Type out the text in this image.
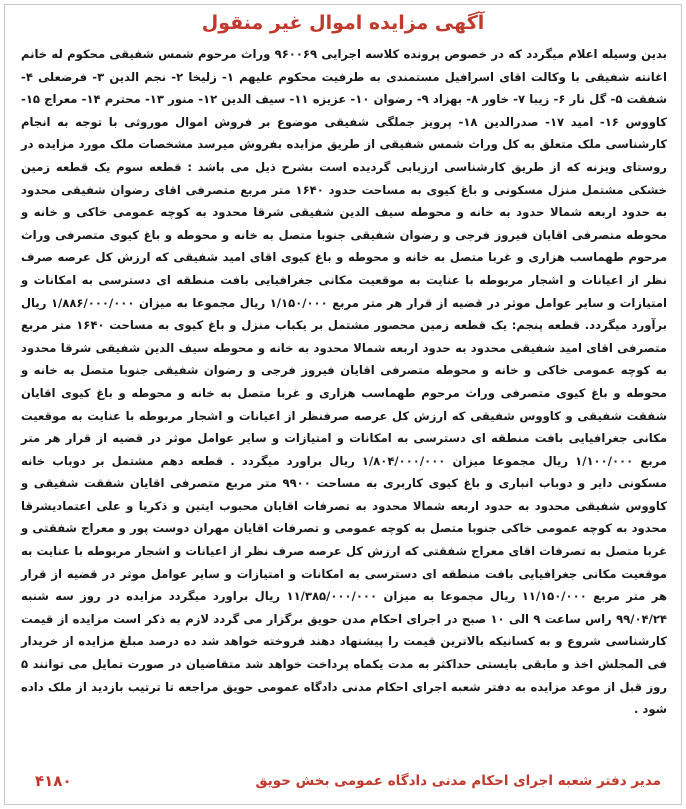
آگهی مزایده اموال غیر منقول
بدین وسیله اعلام میگردد که در خصوص پرونده کلاسه اجرایی ۹۶۰۰۶۹ وراث مرحوم شمس شفیقی محکوم له خانم اغانته شفیقی با وکالت اقای اسرافیل مستمندی به طرفیت محکوم علیهم ۱- زلیخا ۲- نجم الدین ۳- فرضعلی ۴- شفقت ۵- گل نار ۶- زیبا ۷- خاور ۸- بهزاد ۹- رضوان ۱۰- عزیزه ۱۱- سیف الدین ۱۲- منور ۱۳- محترم ۱۴- معراج ۱۵- کاووس ۱۶- امید ۱۷- صدرالدین ۱۸- پرویز جملگی شفیقی موضوع بر فروش اموال موروثی با توجه به انجام کارشناسی ملک متعلق به کل وراث شمس شفیقی از طریق مزایده بفروش میرسد مشخصات ملک مورد مزایده در روستای ویزنه که از طریق کارشناسی ارزیابی گردیده است بشرح ذیل می باشد : قطعه سوم یک قطعه زمین خشکی مشتمل منزل مسکونی و باغ کیوی به مساحت حدود ۱۶۴۰ متر مربع متصرفی اقای رضوان شفیقی محدود به حدود اربعه شمالا حدود به خانه و محوطه سیف الدین شفیقی شرقا محدود به کوچه عمومی خاکی و خانه و محوطه متصرفی اقایان فیروز فرجی و رضوان شفیقی جنوبا متصل به خانه و محوطه و باغ کیوی متصرفی وراث مرحوم طهماسب هزاری و غربا متصل به خانه و محوطه و باغ کیوی اقای امید شفیقی که ارزش کل عرصه صرف نظر از اعیانات و اشجار مربوطه با عنایت به موقعیت مکانی جغرافیایی بافت منطقه ای دسترسی به امکانات و امتیازات و سایر عوامل موثر در قضیه از قرار هر متر مربع ۱/۱۵۰/۰۰۰ ریال مجموعا به میزان ۱/۸۸۶/۰۰۰/۰۰۰ ریال برآورد میگردد. قطعه پنجم: یک قطعه زمین محصور مشتمل بر یکباب منزل و باغ کیوی به مساحت ۱۶۴۰ متر مربع متصرفی اقای امید شفیقی محدود به حدود اربعه شمالا محدود به خانه و محوطه سیف الدین شفیقی شرقا محدود به کوچه عمومی خاکی و خانه و محوطه متصرفی اقایان فیروز فرجی و رضوان شفیقی جنوبا متصل به خانه و محوطه و باغ کیوی متصرفی وراث مرحوم طهماسب هزاری و غربا متصل به خانه و محوطه و باغ کیوی اقایان شفقت شفیقی و کاووس شفیقی که ارزش کل عرصه صرفنظر از اعیانات و اشجار مربوطه با عنایت به موقعیت مکانی جغرافیایی بافت منطقه ای دسترسی به امکانات و امتیازات و سایر عوامل موثر در قضیه از قرار هر متر مربع ۱/۱۰۰/۰۰۰ ریال مجموعا میزان ۱/۸۰۴/۰۰۰/۰۰۰ ریال براورد میگردد . قطعه دهم مشتمل بر دوباب خانه مسکونی دایر و دوباب انباری و باغ کیوی کاربری به مساحت ۹۹۰۰ متر مربع متصرفی اقایان شفقت شفیقی و کاووس شفیقی محدود به حدود اربعه شمالا محدود به تصرفات اقایان محبوب ایتین و ذکریا و علی اعتمادیشرقا محدود به کوچه عمومی خاکی جنوبا متصل به کوچه عمومی و تصرفات اقایان مهران دوست پور و معراج شفقتی و غربا متصل به تصرفات اقای معراج شفقتی که ارزش کل عرصه صرف نظر از اعیانات و اشجار مربوطه با عنایت به موقعیت مکانی جغرافیایی بافت منطقه ای دسترسی به امکانات و امتیازات و سایر عوامل موثر در قضیه از قرار هر متر مربع ۱۱/۱۵۰/۰۰۰ ریال مجموعا به میزان ۱۱/۳۸۵/۰۰۰/۰۰۰ ریال براورد میگردد مزایده در روز سه شنبه ۹۹/۰۴/۲۴ راس ساعت ۹ الی ۱۰ صبح در اجرای احکام مدن حویق برگزار می گردد لازم به ذکر است مزایده از قیمت کارشناسی شروع و به کسانیکه بالاترین قیمت را پیشنهاد دهند فروخته خواهد شد ده درصد مبلغ مزایده از خریدار فی المجلش اخذ و مابقی بایستی حداکثر به مدت یکماه پرداخت خواهد شد متقاضیان در صورت تمایل می توانند ۵ روز قبل از موعد مزایده به دفتر شعبه اجرای احکام مدنی دادگاه عمومی حویق مراجعه تا ترتیب بازدید از ملک داده شود .
مدیر دفتر شعبه اجرای احکام مدنی دادگاه عمومی بخش حویق
۴۱۸۰
